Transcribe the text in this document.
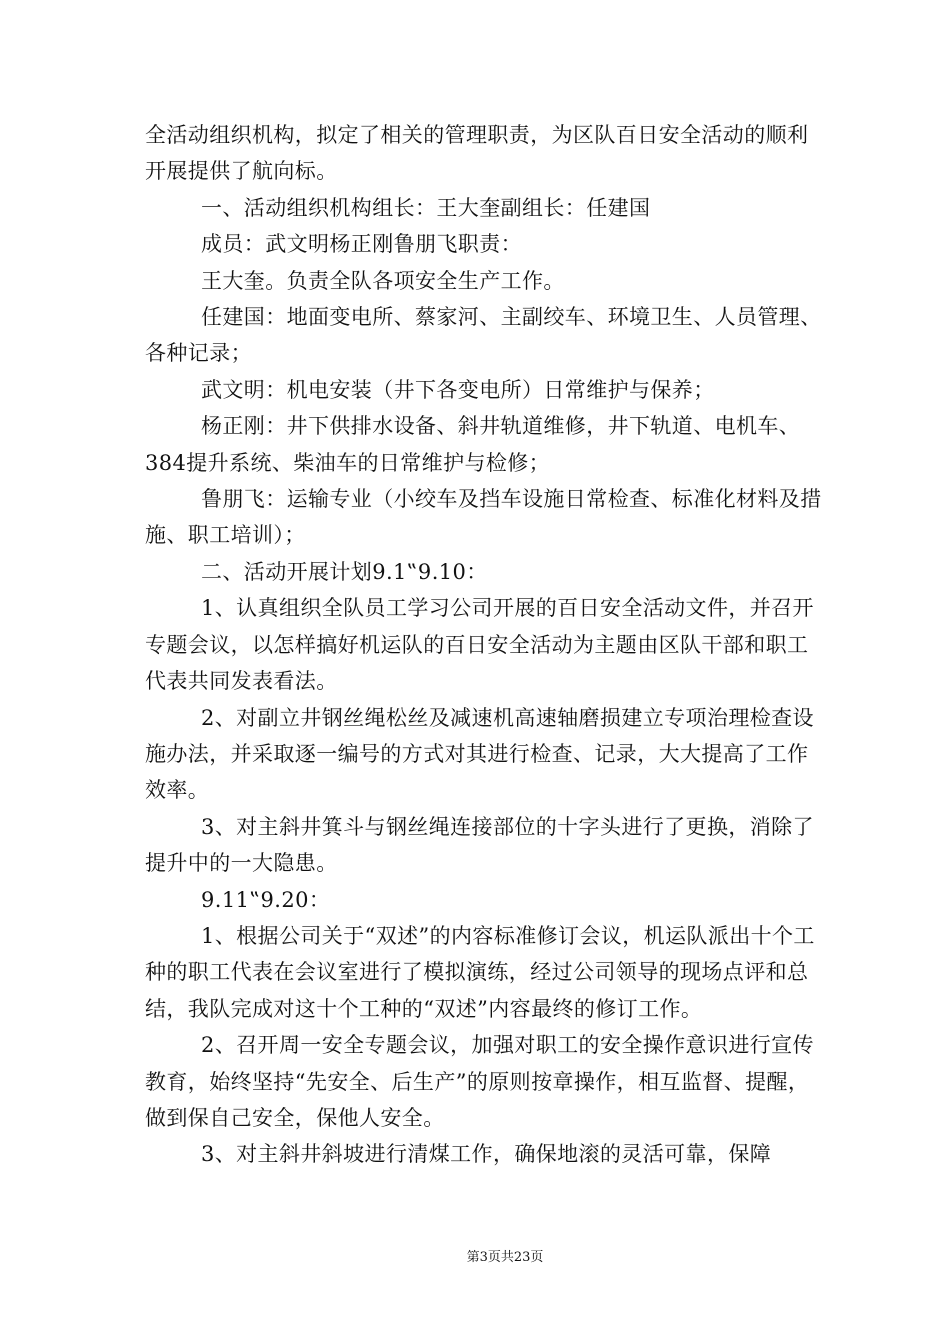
全活动组织机构，拟定了相关的管理职责，为区队百日安全活动的顺利开展提供了航向标。

一、活动组织机构组长：王大奎副组长：任建国

成员：武文明杨正刚鲁朋飞职责：

王大奎。负责全队各项安全生产工作。

任建国：地面变电所、蔡家河、主副绞车、环境卫生、人员管理、各种记录；

武文明：机电安装（井下各变电所）日常维护与保养；

杨正刚：井下供排水设备、斜井轨道维修，井下轨道、电机车、384提升系统、柴油车的日常维护与检修；

鲁朋飞：运输专业（小绞车及挡车设施日常检查、标准化材料及措施、职工培训）；

二、活动开展计划9.1‟9.10：

1、认真组织全队员工学习公司开展的百日安全活动文件，并召开专题会议，以怎样搞好机运队的百日安全活动为主题由区队干部和职工代表共同发表看法。

2、对副立井钢丝绳松丝及减速机高速轴磨损建立专项治理检查设施办法，并采取逐一编号的方式对其进行检查、记录，大大提高了工作效率。

3、对主斜井箕斗与钢丝绳连接部位的十字头进行了更换，消除了提升中的一大隐患。

9.11‟9.20：

1、根据公司关于“双述”的内容标准修订会议，机运队派出十个工种的职工代表在会议室进行了模拟演练，经过公司领导的现场点评和总结，我队完成对这十个工种的“双述”内容最终的修订工作。

2、召开周一安全专题会议，加强对职工的安全操作意识进行宣传教育，始终坚持“先安全、后生产”的原则按章操作，相互监督、提醒，做到保自己安全，保他人安全。

3、对主斜井斜坡进行清煤工作，确保地滚的灵活可靠，保障

第3页共23页
